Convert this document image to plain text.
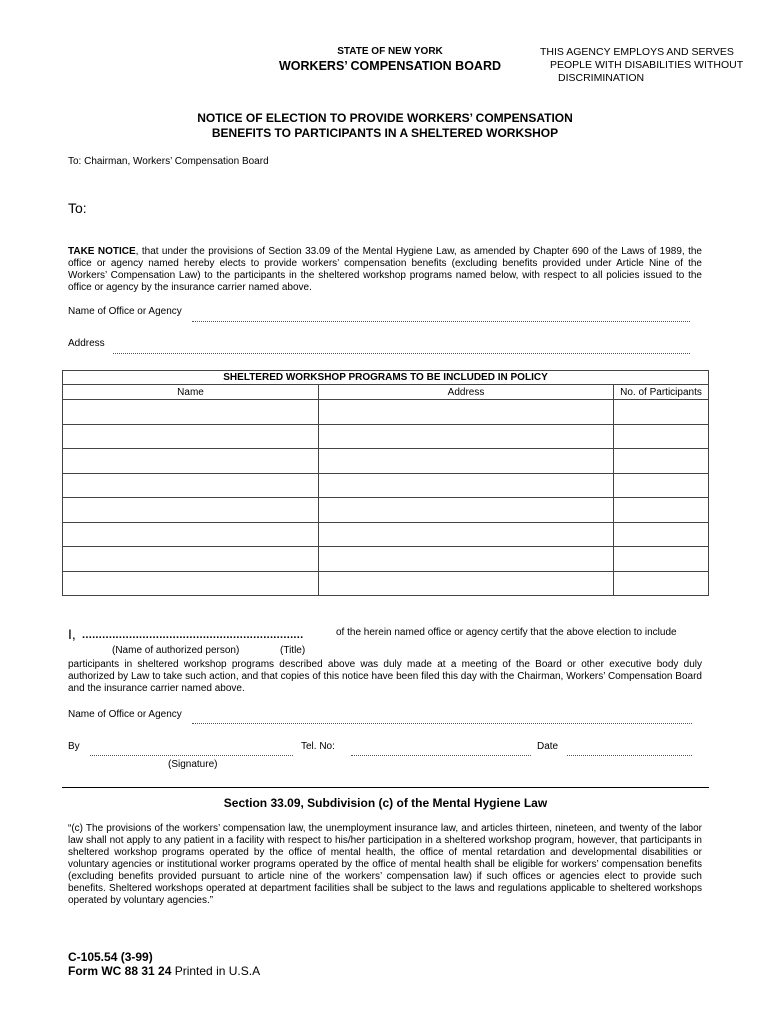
STATE OF NEW YORK
WORKERS’ COMPENSATION BOARD
THIS AGENCY EMPLOYS AND SERVES
PEOPLE WITH DISABILITIES WITHOUT
DISCRIMINATION
NOTICE OF ELECTION TO PROVIDE WORKERS’ COMPENSATION
BENEFITS TO PARTICIPANTS IN A SHELTERED WORKSHOP
To: Chairman, Workers’ Compensation Board
To:
TAKE NOTICE, that under the provisions of Section 33.09 of the Mental Hygiene Law, as amended by Chapter 690 of the Laws of 1989, the office or agency named hereby elects to provide workers’ compensation benefits (excluding benefits provided under Article Nine of the Workers’ Compensation Law) to the participants in the sheltered workshop programs named below, with respect to all policies issued to the office or agency by the insurance carrier named above.
Name of Office or Agency
Address
SHELTERED WORKSHOP PROGRAMS TO BE INCLUDED IN POLICY		
Name	Address	No. of Participants

I, ..................................................................	of the herein named office or agency certify that the above election to include
(Name of authorized person)	(Title)
participants in sheltered workshop programs described above was duly made at a meeting of the Board or other executive body duly authorized by Law to take such action, and that copies of this notice have been filed this day with the Chairman, Workers’ Compensation Board and the insurance carrier named above.
Name of Office or Agency
By	Tel. No:	Date
(Signature)
Section 33.09, Subdivision (c) of the Mental Hygiene Law
“(c) The provisions of the workers’ compensation law, the unemployment insurance law, and articles thirteen, nineteen, and twenty of the labor law shall not apply to any patient in a facility with respect to his/her participation in a sheltered workshop program, however, that participants in sheltered workshop programs operated by the office of mental health, the office of mental retardation and developmental disabilities or voluntary agencies or institutional worker programs operated by the office of mental health shall be eligible for workers’ compensation benefits (excluding benefits provided pursuant to article nine of the workers’ compensation law) if such offices or agencies elect to provide such benefits. Sheltered workshops operated at department facilities shall be subject to the laws and regulations applicable to sheltered workshops operated by voluntary agencies.”
C-105.54 (3-99)
Form WC 88 31 24 Printed in U.S.A
